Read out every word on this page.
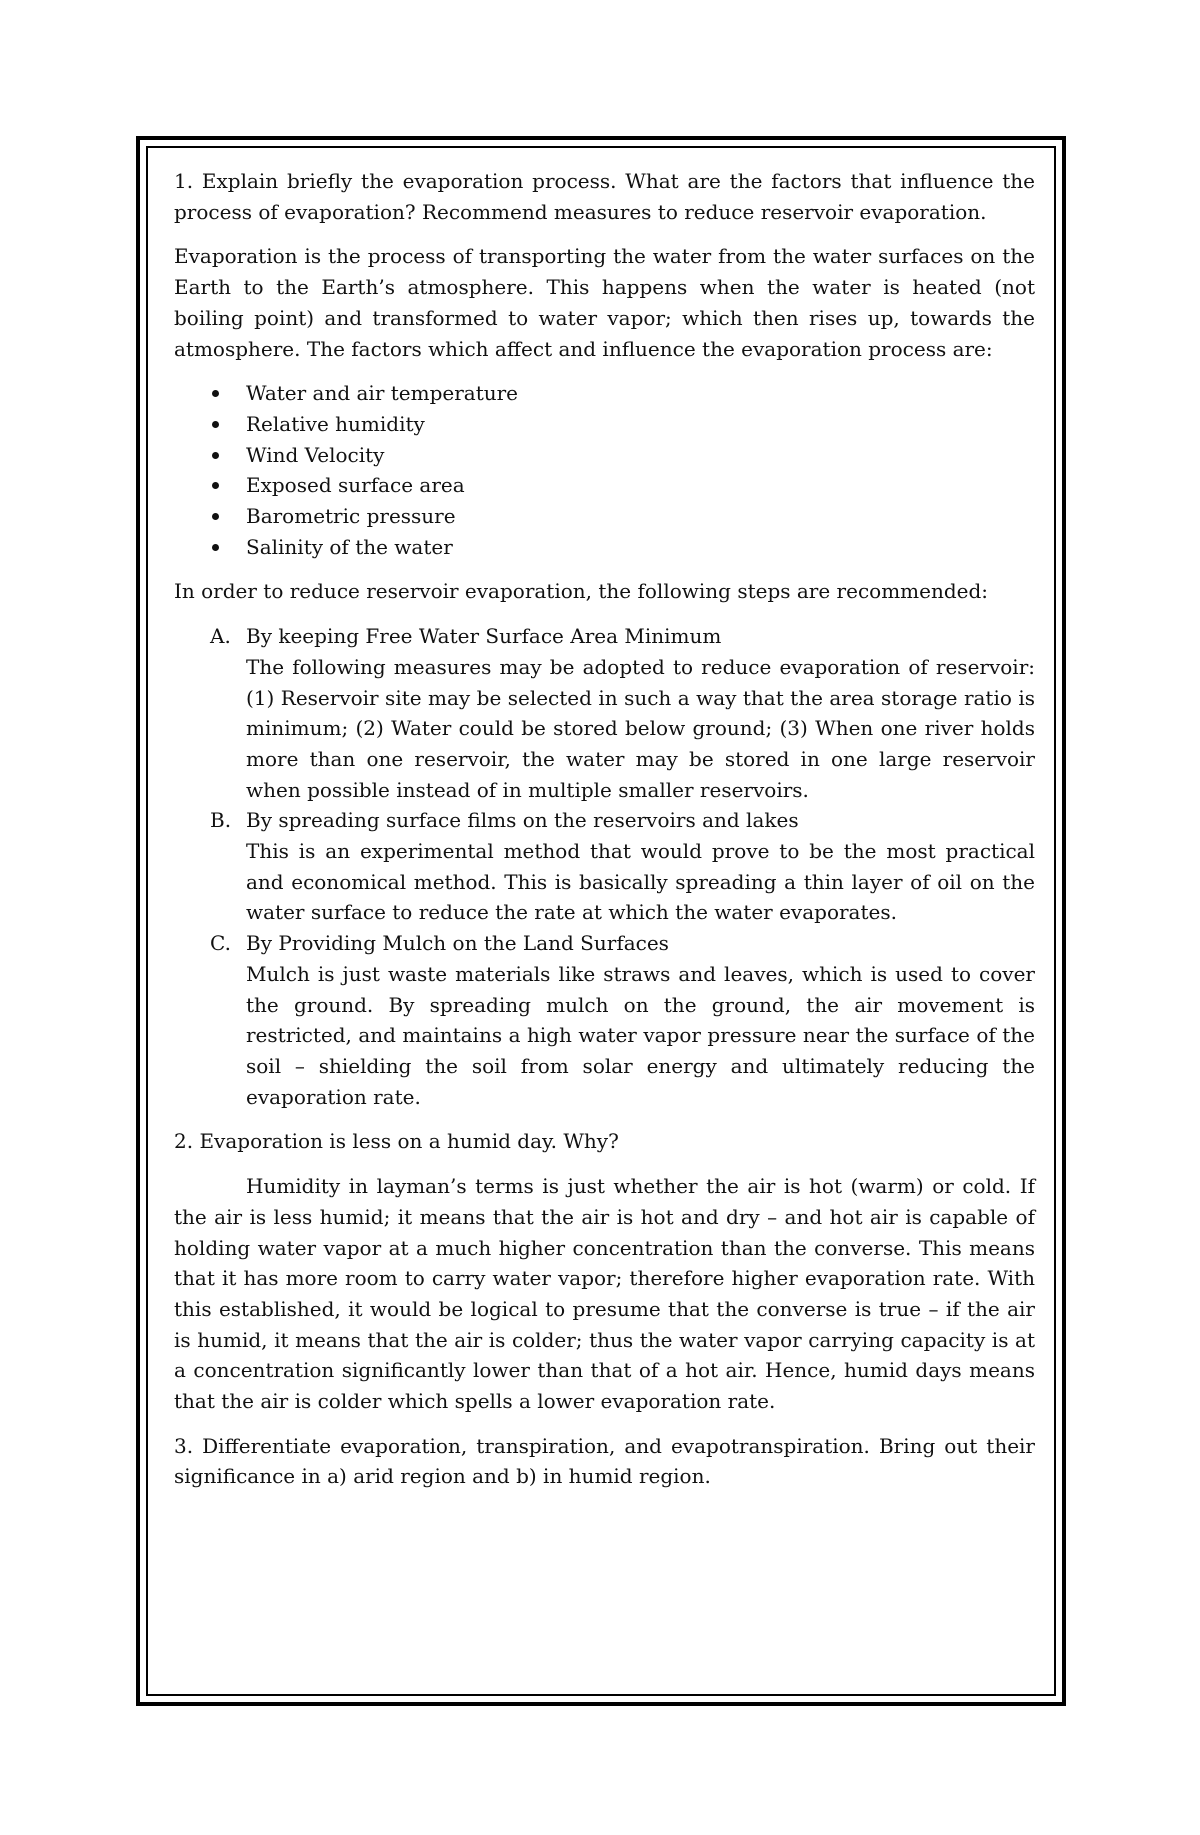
1. Explain briefly the evaporation process. What are the factors that influence the process of evaporation? Recommend measures to reduce reservoir evaporation.

Evaporation is the process of transporting the water from the water surfaces on the Earth to the Earth’s atmosphere. This happens when the water is heated (not boiling point) and transformed to water vapor; which then rises up, towards the atmosphere. The factors which affect and influence the evaporation process are:

Water and air temperature
Relative humidity
Wind Velocity
Exposed surface area
Barometric pressure
Salinity of the water

In order to reduce reservoir evaporation, the following steps are recommended:

A. By keeping Free Water Surface Area Minimum

The following measures may be adopted to reduce evaporation of reservoir: (1) Reservoir site may be selected in such a way that the area storage ratio is minimum; (2) Water could be stored below ground; (3) When one river holds more than one reservoir, the water may be stored in one large reservoir when possible instead of in multiple smaller reservoirs.

B. By spreading surface films on the reservoirs and lakes

This is an experimental method that would prove to be the most practical and economical method. This is basically spreading a thin layer of oil on the water surface to reduce the rate at which the water evaporates.

C. By Providing Mulch on the Land Surfaces

Mulch is just waste materials like straws and leaves, which is used to cover the ground. By spreading mulch on the ground, the air movement is restricted, and maintains a high water vapor pressure near the surface of the soil – shielding the soil from solar energy and ultimately reducing the evaporation rate.

2. Evaporation is less on a humid day. Why?

Humidity in layman’s terms is just whether the air is hot (warm) or cold. If the air is less humid; it means that the air is hot and dry – and hot air is capable of holding water vapor at a much higher concentration than the converse. This means that it has more room to carry water vapor; therefore higher evaporation rate. With this established, it would be logical to presume that the converse is true – if the air is humid, it means that the air is colder; thus the water vapor carrying capacity is at a concentration significantly lower than that of a hot air. Hence, humid days means that the air is colder which spells a lower evaporation rate.

3. Differentiate evaporation, transpiration, and evapotranspiration. Bring out their significance in a) arid region and b) in humid region.
